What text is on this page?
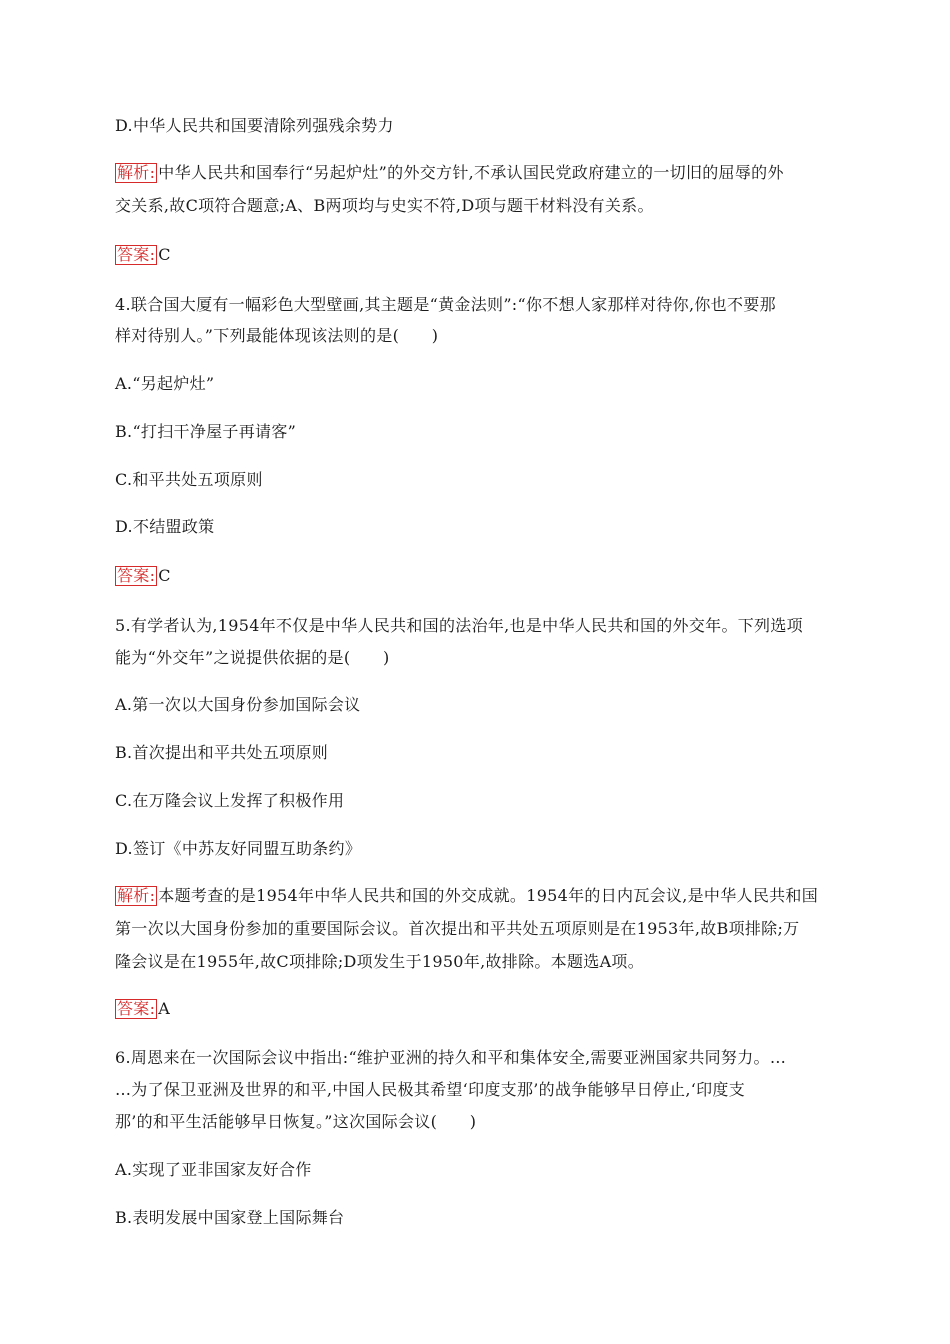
D.中华人民共和国要清除列强残余势力
解析: 中华人民共和国奉行“另起炉灶”的外交方针,不承认国民党政府建立的一切旧的屈辱的外
交关系,故C项符合题意;A、B两项均与史实不符,D项与题干材料没有关系。
答案: C
4.联合国大厦有一幅彩色大型壁画,其主题是“黄金法则”:“你不想人家那样对待你,你也不要那
样对待别人。”下列最能体现该法则的是(　　)
A.“另起炉灶”
B.“打扫干净屋子再请客”
C.和平共处五项原则
D.不结盟政策
答案: C
5.有学者认为,1954年不仅是中华人民共和国的法治年,也是中华人民共和国的外交年。下列选项
能为“外交年”之说提供依据的是(　　)
A.第一次以大国身份参加国际会议
B.首次提出和平共处五项原则
C.在万隆会议上发挥了积极作用
D.签订《中苏友好同盟互助条约》
解析: 本题考查的是1954年中华人民共和国的外交成就。1954年的日内瓦会议,是中华人民共和国
第一次以大国身份参加的重要国际会议。首次提出和平共处五项原则是在1953年,故B项排除;万
隆会议是在1955年,故C项排除;D项发生于1950年,故排除。本题选A项。
答案: A
6.周恩来在一次国际会议中指出:“维护亚洲的持久和平和集体安全,需要亚洲国家共同努力。…
…为了保卫亚洲及世界的和平,中国人民极其希望‘印度支那’的战争能够早日停止,‘印度支
那’的和平生活能够早日恢复。”这次国际会议(　　)
A.实现了亚非国家友好合作
B.表明发展中国家登上国际舞台
